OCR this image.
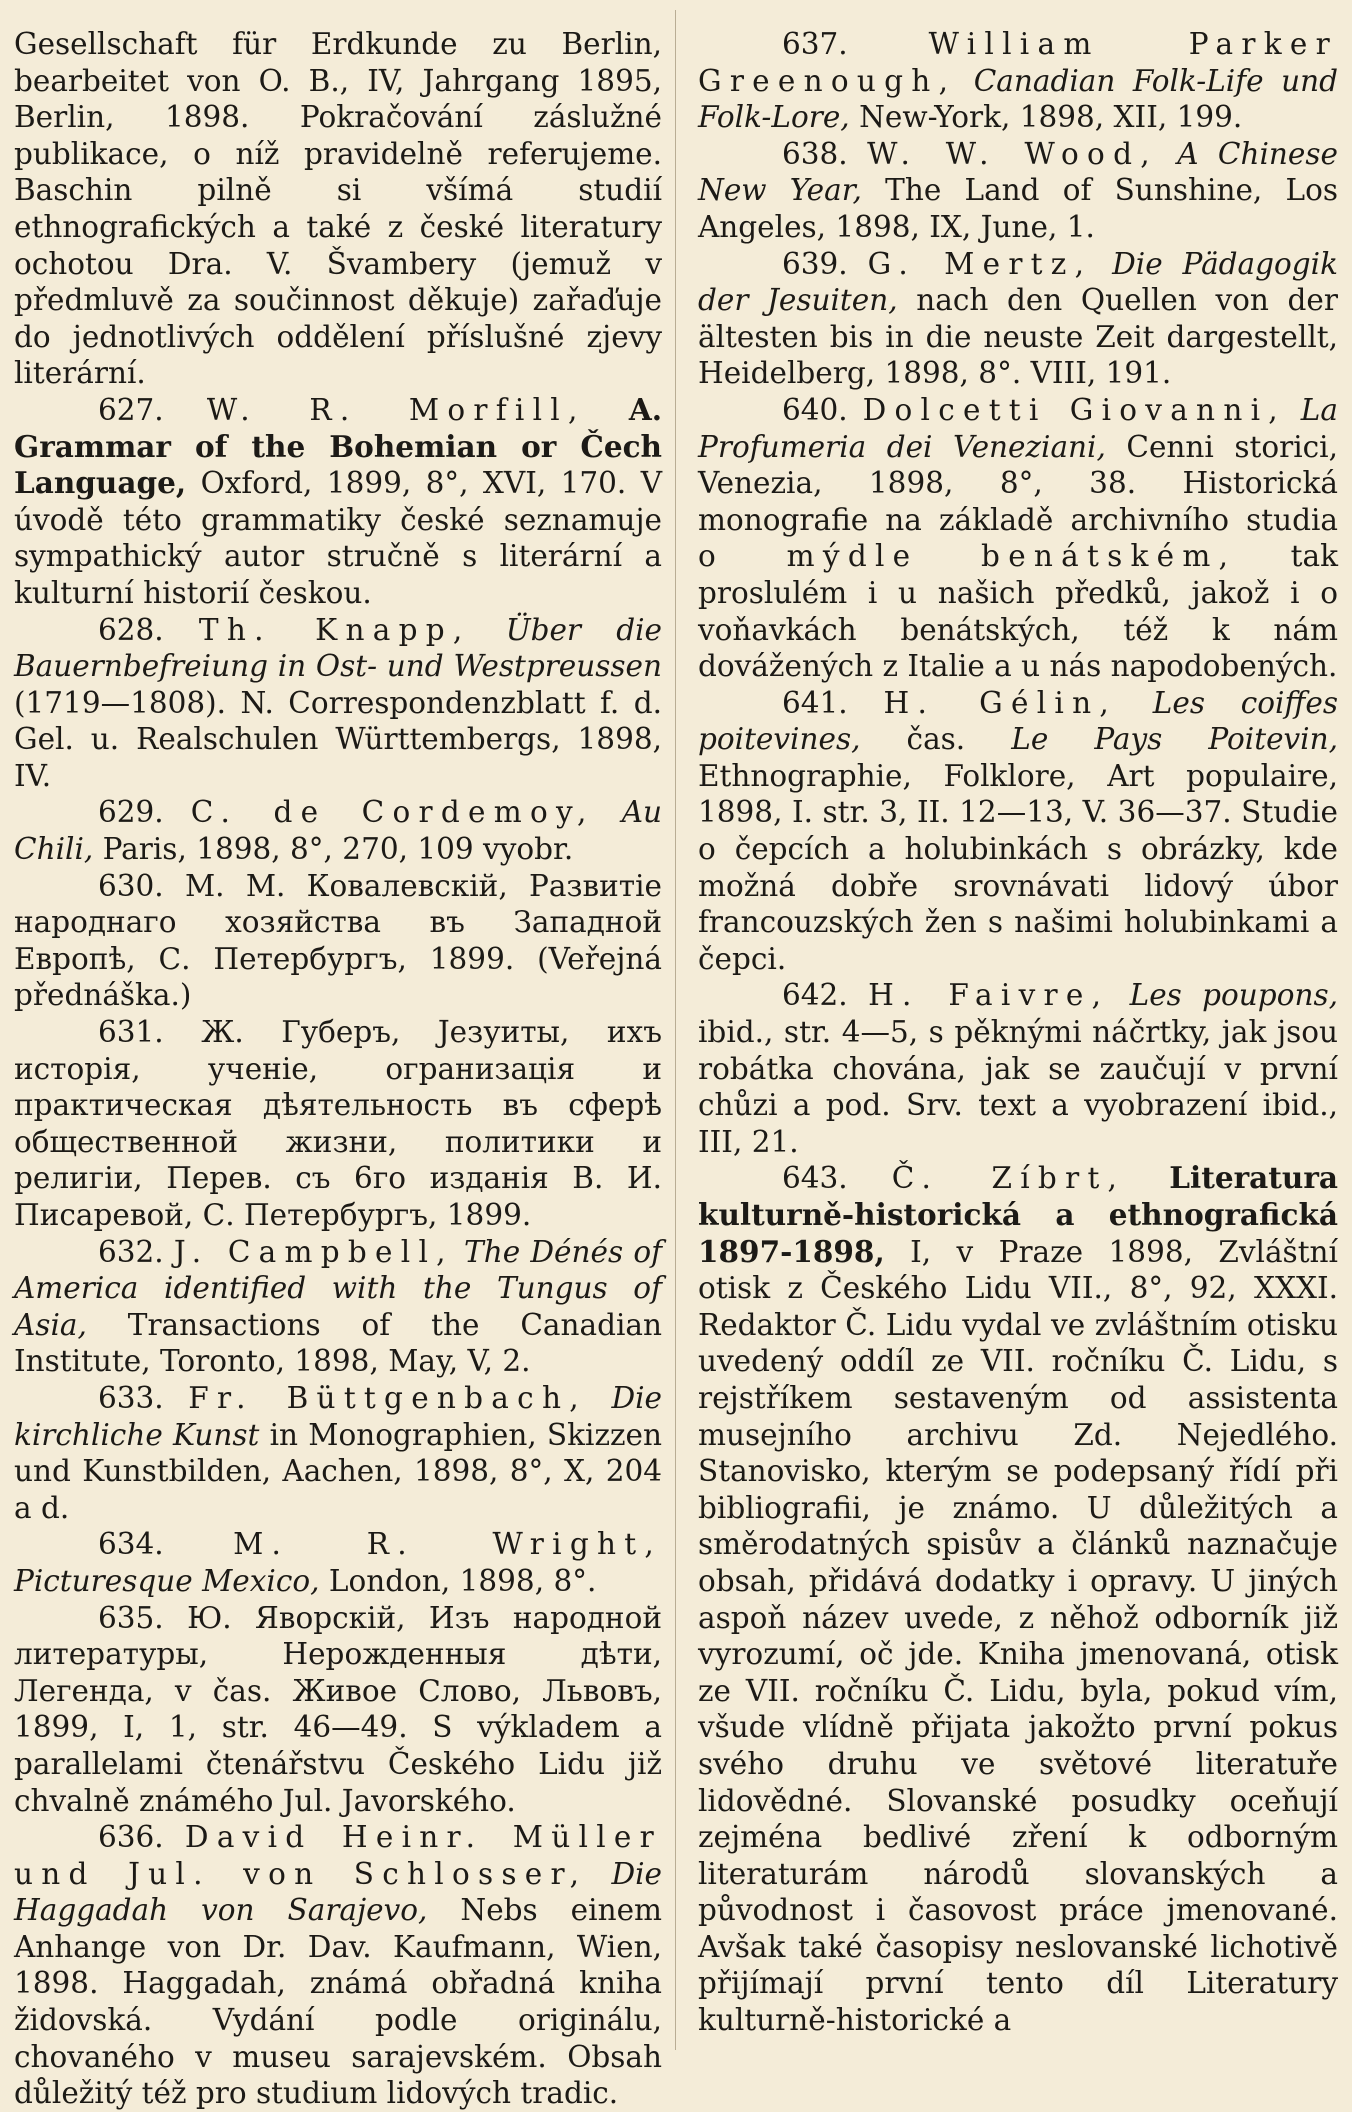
Gesellschaft für Erdkunde zu Berlin, bearbeitet von O. B., IV, Jahrgang 1895, Berlin, 1898. Pokračování záslužné publikace, o níž pravidelně referujeme. Baschin pilně si všímá studií ethnografických a také z české literatury ochotou Dra. V. Švambery (jemuž v předmluvě za součinnost děkuje) zařaďuje do jednotlivých oddělení příslušné zjevy literární.

627. W. R. Morfill, A. Grammar of the Bohemian or Čech Language, Oxford, 1899, 8°, XVI, 170. V úvodě této grammatiky české seznamuje sympathický autor stručně s literární a kulturní historií českou.

628. Th. Knapp, Über die Bauernbefreiung in Ost- und Westpreussen (1719—1808). N. Correspondenzblatt f. d. Gel. u. Realschulen Württembergs, 1898, IV.

629. C. de Cordemoy, Au Chili, Paris, 1898, 8°, 270, 109 vyobr.

630. М. М. Ковалевскій, Развитіе народнаго хозяйства въ Западной Европѣ, С. Петербургъ, 1899. (Veřejná přednáška.)

631. Ж. Губеръ, Језуиты, ихъ исторія, ученіе, огранизація и практическая дѣятельность въ сферѣ общественной жизни, политики и религіи, Перев. съ 6го изданія В. И. Писаревой, С. Петербургъ, 1899.

632. J. Campbell, The Dénés of America identified with the Tungus of Asia, Transactions of the Canadian Institute, Toronto, 1898, May, V, 2.

633. Fr. Büttgenbach, Die kirchliche Kunst in Monographien, Skizzen und Kunstbilden, Aachen, 1898, 8°, X, 204 a d.

634. M. R. Wright, Picturesque Mexico, London, 1898, 8°.

635. Ю. Яворскій, Изъ народной литературы, Нерожденныя дѣти, Легенда, v čas. Живое Слово, Львовъ, 1899, I, 1, str. 46—49. S výkladem a parallelami čtenářstvu Českého Lidu již chvalně známého Jul. Javorského.

636. David Heinr. Müller und Jul. von Schlosser, Die Haggadah von Sarajevo, Nebs einem Anhange von Dr. Dav. Kaufmann, Wien, 1898. Haggadah, známá obřadná kniha židovská. Vydání podle originálu, chovaného v museu sarajevském. Obsah důležitý též pro studium lidových tradic.

637.	William Parker Greenough, Canadian Folk-Life und Folk-Lore, New-York, 1898, XII, 199.

638. W. W. Wood, A Chinese New Year, The Land of Sunshine, Los Angeles, 1898, IX, June, 1.

639. G. Mertz, Die Pädagogik der Jesuiten, nach den Quellen von der ältesten bis in die neuste Zeit dargestellt, Heidelberg, 1898, 8°. VIII, 191.

640. Dolcetti Giovanni, La Profumeria dei Veneziani, Cenni storici, Venezia, 1898, 8°, 38. Historická monografie na základě archivního studia o mýdle benátském, tak proslulém i u našich předků, jakož i o voňavkách benátských, též k nám dovážených z Italie a u nás napodobených.

641. H. Gélin, Les coiffes poitevines, čas. Le Pays Poitevin, Ethnographie, Folklore, Art populaire, 1898, I. str. 3, II. 12—13, V. 36—37. Studie o čepcích a holubinkách s obrázky, kde možná dobře srovnávati lidový úbor francouzských žen s našimi holubinkami a čepci.

642. H. Faivre, Les poupons, ibid., str. 4—5, s pěknými náčrtky, jak jsou robátka chována, jak se zaučují v první chůzi a pod. Srv. text a vyobrazení ibid., III, 21.

643. Č. Zíbrt, Literatura kulturně-historická a ethnografická 1897-1898, I, v Praze 1898, Zvláštní otisk z Českého Lidu VII., 8°, 92, XXXI. Redaktor Č. Lidu vydal ve zvláštním otisku uvedený oddíl ze VII. ročníku Č. Lidu, s rejstříkem sestaveným od assistenta musejního archivu Zd. Nejedlého. Stanovisko, kterým se podepsaný řídí při bibliografii, je známo. U důležitých a směrodatných spisův a článků naznačuje obsah, přidává dodatky i opravy. U jiných aspoň název uvede, z něhož odborník již vyrozumí, oč jde. Kniha jmenovaná, otisk ze VII. ročníku Č. Lidu, byla, pokud vím, všude vlídně přijata jakožto první pokus svého druhu ve světové literatuře lidovědné. Slovanské posudky oceňují zejména bedlivé zření k odborným literaturám národů slovanských a původnost i časovost práce jmenované. Avšak také časopisy neslovanské lichotivě přijímají první tento díl Literatury kulturně-historické a
